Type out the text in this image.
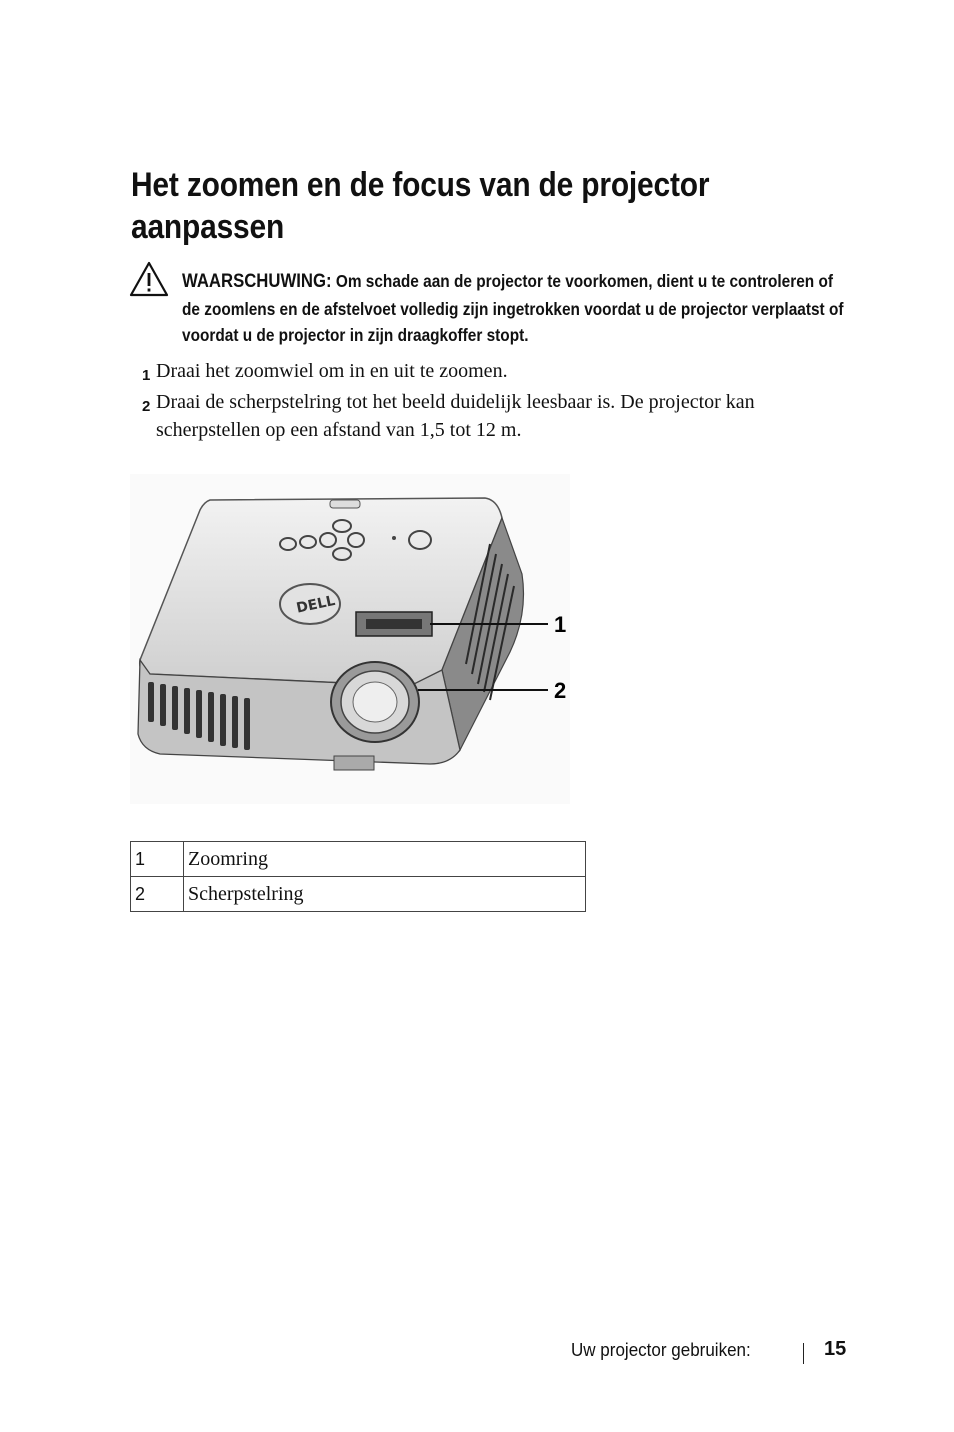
Het zoomen en de focus van de projector aanpassen
WAARSCHUWING: Om schade aan de projector te voorkomen, dient u te controleren of de zoomlens en de afstelvoet volledig zijn ingetrokken voordat u de projector verplaatst of voordat u de projector in zijn draagkoffer stopt.
1 Draai het zoomwiel om in en uit te zoomen.
2 Draai de scherpstelring tot het beeld duidelijk leesbaar is. De projector kan
scherpstellen op een afstand van 1,5 tot 12 m.
DELL
1
2
1	Zoomring
2	Scherpstelring
Uw projector gebruiken:	15
